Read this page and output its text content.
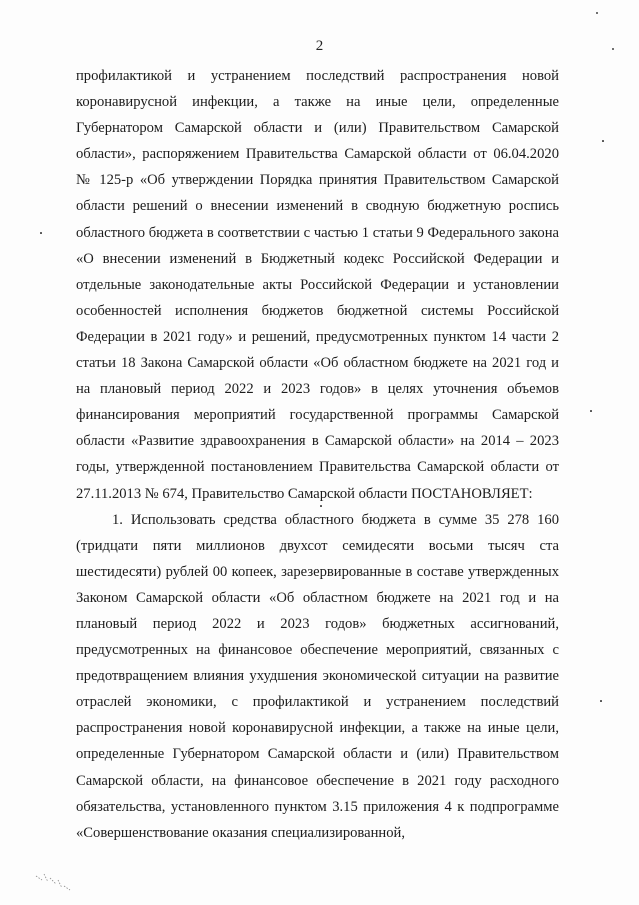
2

профилактикой и устранением последствий распространения новой коронавирусной инфекции, а также на иные цели, определенные Губернатором Самарской области и (или) Правительством Самарской области», распоряжением Правительства Самарской области от 06.04.2020 № 125-р «Об утверждении Порядка принятия Правительством Самарской области решений о внесении изменений в сводную бюджетную роспись областного бюджета в соответствии с частью 1 статьи 9 Федерального закона «О внесении изменений в Бюджетный кодекс Российской Федерации и отдельные законодательные акты Российской Федерации и установлении особенностей исполнения бюджетов бюджетной системы Российской Федерации в 2021 году» и решений, предусмотренных пунктом 14 части 2 статьи 18 Закона Самарской области «Об областном бюджете на 2021 год и на плановый период 2022 и 2023 годов» в целях уточнения объемов финансирования мероприятий государственной программы Самарской области «Развитие здравоохранения в Самарской области» на 2014 – 2023 годы, утвержденной постановлением Правительства Самарской области от 27.11.2013 № 674, Правительство Самарской области ПОСТАНОВЛЯЕТ:

1. Использовать средства областного бюджета в сумме 35 278 160 (тридцати пяти миллионов двухсот семидесяти восьми тысяч ста шестидесяти) рублей 00 копеек, зарезервированные в составе утвержденных Законом Самарской области «Об областном бюджете на 2021 год и на плановый период 2022 и 2023 годов» бюджетных ассигнований, предусмотренных на финансовое обеспечение мероприятий, связанных с предотвращением влияния ухудшения экономической ситуации на развитие отраслей экономики, с профилактикой и устранением последствий распространения новой коронавирусной инфекции, а также на иные цели, определенные Губернатором Самарской области и (или) Правительством Самарской области, на финансовое обеспечение в 2021 году расходного обязательства, установленного пунктом 3.15 приложения 4 к подпрограмме «Совершенствование оказания специализированной,
